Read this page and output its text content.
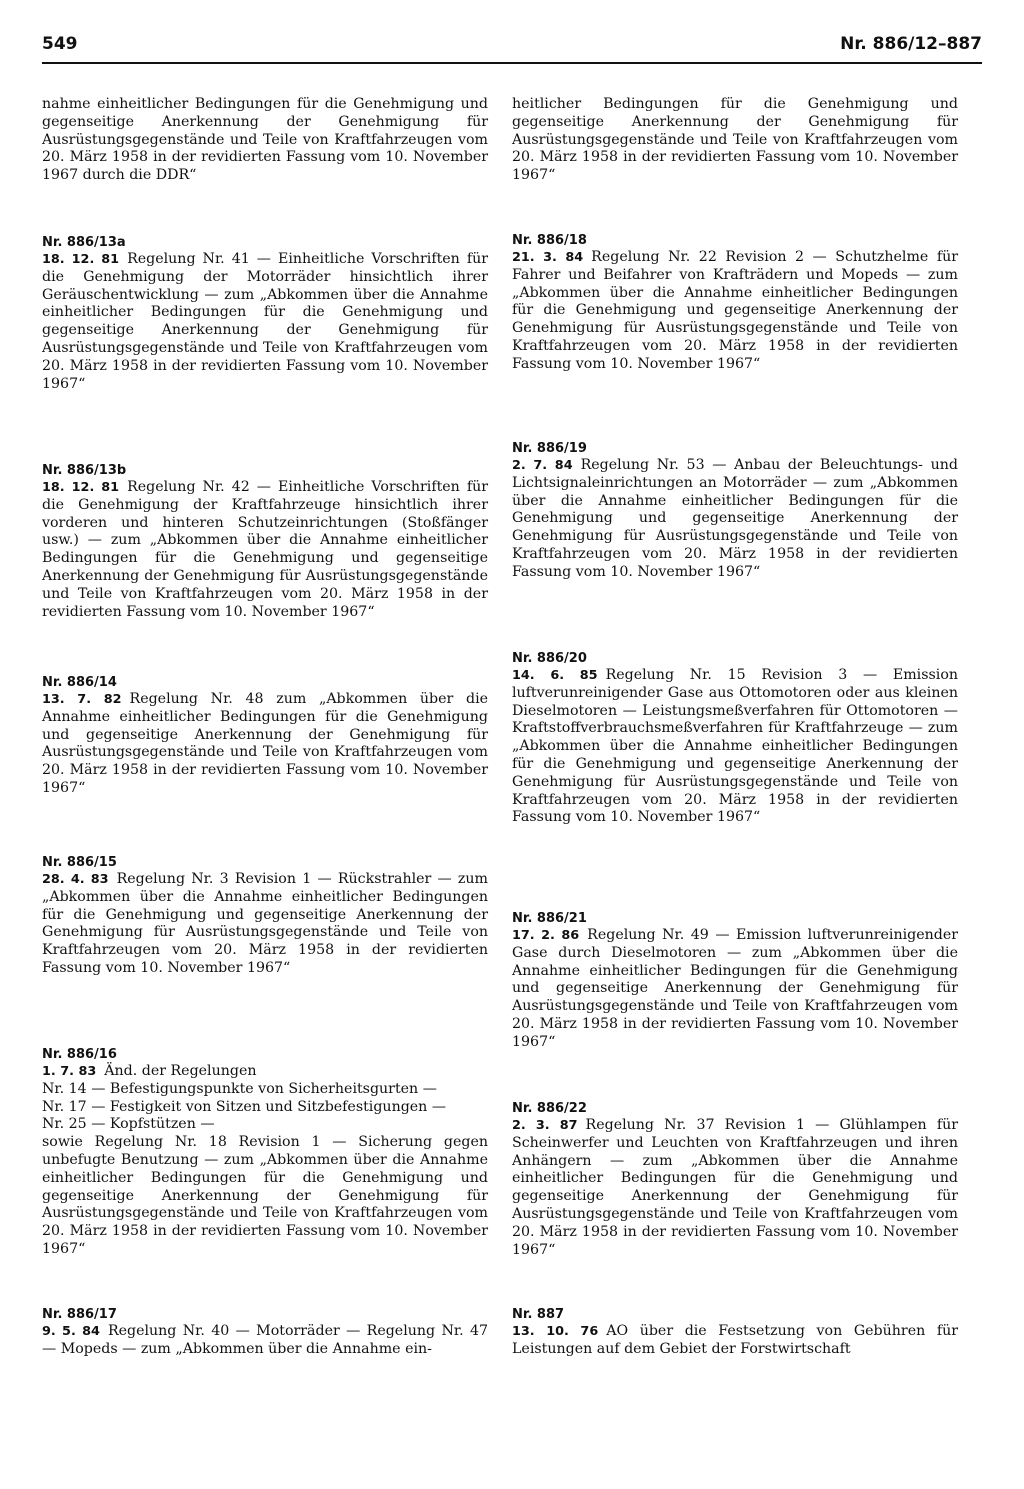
549	Nr. 886/12–887

nahme einheitlicher Bedingungen für die Genehmigung und gegenseitige Anerkennung der Genehmigung für Ausrüstungsgegenstände und Teile von Kraftfahrzeugen vom 20. März 1958 in der revidierten Fassung vom 10. November 1967 durch die DDR“

Nr. 886/13a

18. 12. 81 Regelung Nr. 41 — Einheitliche Vorschriften für die Genehmigung der Motorräder hinsichtlich ihrer Geräuschentwicklung — zum „Abkommen über die Annahme einheitlicher Bedingungen für die Genehmigung und gegenseitige Anerkennung der Genehmigung für Ausrüstungsgegenstände und Teile von Kraftfahrzeugen vom 20. März 1958 in der revidierten Fassung vom 10. November 1967“

Nr. 886/13b

18. 12. 81 Regelung Nr. 42 — Einheitliche Vorschriften für die Genehmigung der Kraftfahrzeuge hinsichtlich ihrer vorderen und hinteren Schutzeinrichtungen (Stoßfänger usw.) — zum „Abkommen über die Annahme einheitlicher Bedingungen für die Genehmigung und gegenseitige Anerkennung der Genehmigung für Ausrüstungsgegenstände und Teile von Kraftfahrzeugen vom 20. März 1958 in der revidierten Fassung vom 10. November 1967“

Nr. 886/14

13. 7. 82 Regelung Nr. 48 zum „Abkommen über die Annahme einheitlicher Bedingungen für die Genehmigung und gegenseitige Anerkennung der Genehmigung für Ausrüstungsgegenstände und Teile von Kraftfahrzeugen vom 20. März 1958 in der revidierten Fassung vom 10. November 1967“

Nr. 886/15

28. 4. 83 Regelung Nr. 3 Revision 1 — Rückstrahler — zum „Abkommen über die Annahme einheitlicher Bedingungen für die Genehmigung und gegenseitige Anerkennung der Genehmigung für Ausrüstungsgegenstände und Teile von Kraftfahrzeugen vom 20. März 1958 in der revidierten Fassung vom 10. November 1967“

Nr. 886/16

1. 7. 83 Änd. der Regelungen
Nr. 14 — Befestigungspunkte von Sicherheitsgurten —
Nr. 17 — Festigkeit von Sitzen und Sitzbefestigungen —
Nr. 25 — Kopfstützen —
sowie Regelung Nr. 18 Revision 1 — Sicherung gegen unbefugte Benutzung — zum „Abkommen über die Annahme einheitlicher Bedingungen für die Genehmigung und gegenseitige Anerkennung der Genehmigung für Ausrüstungsgegenstände und Teile von Kraftfahrzeugen vom 20. März 1958 in der revidierten Fassung vom 10. November 1967“

Nr. 886/17

9. 5. 84 Regelung Nr. 40 — Motorräder — Regelung Nr. 47 — Mopeds — zum „Abkommen über die Annahme ein-

heitlicher Bedingungen für die Genehmigung und gegenseitige Anerkennung der Genehmigung für Ausrüstungsgegenstände und Teile von Kraftfahrzeugen vom 20. März 1958 in der revidierten Fassung vom 10. November 1967“

Nr. 886/18

21. 3. 84 Regelung Nr. 22 Revision 2 — Schutzhelme für Fahrer und Beifahrer von Krafträdern und Mopeds — zum „Abkommen über die Annahme einheitlicher Bedingungen für die Genehmigung und gegenseitige Anerkennung der Genehmigung für Ausrüstungsgegenstände und Teile von Kraftfahrzeugen vom 20. März 1958 in der revidierten Fassung vom 10. November 1967“

Nr. 886/19

2. 7. 84 Regelung Nr. 53 — Anbau der Beleuchtungs- und Lichtsignaleinrichtungen an Motorräder — zum „Abkommen über die Annahme einheitlicher Bedingungen für die Genehmigung und gegenseitige Anerkennung der Genehmigung für Ausrüstungsgegenstände und Teile von Kraftfahrzeugen vom 20. März 1958 in der revidierten Fassung vom 10. November 1967“

Nr. 886/20

14. 6. 85 Regelung Nr. 15 Revision 3 — Emission luftverunreinigender Gase aus Ottomotoren oder aus kleinen Dieselmotoren — Leistungsmeßverfahren für Ottomotoren — Kraftstoffverbrauchsmeßverfahren für Kraftfahrzeuge — zum „Abkommen über die Annahme einheitlicher Bedingungen für die Genehmigung und gegenseitige Anerkennung der Genehmigung für Ausrüstungsgegenstände und Teile von Kraftfahrzeugen vom 20. März 1958 in der revidierten Fassung vom 10. November 1967“

Nr. 886/21

17. 2. 86 Regelung Nr. 49 — Emission luftverunreinigender Gase durch Dieselmotoren — zum „Abkommen über die Annahme einheitlicher Bedingungen für die Genehmigung und gegenseitige Anerkennung der Genehmigung für Ausrüstungsgegenstände und Teile von Kraftfahrzeugen vom 20. März 1958 in der revidierten Fassung vom 10. November 1967“

Nr. 886/22

2. 3. 87 Regelung Nr. 37 Revision 1 — Glühlampen für Scheinwerfer und Leuchten von Kraftfahrzeugen und ihren Anhängern — zum „Abkommen über die Annahme einheitlicher Bedingungen für die Genehmigung und gegenseitige Anerkennung der Genehmigung für Ausrüstungsgegenstände und Teile von Kraftfahrzeugen vom 20. März 1958 in der revidierten Fassung vom 10. November 1967“

Nr. 887

13. 10. 76 AO über die Festsetzung von Gebühren für Leistungen auf dem Gebiet der Forstwirtschaft
